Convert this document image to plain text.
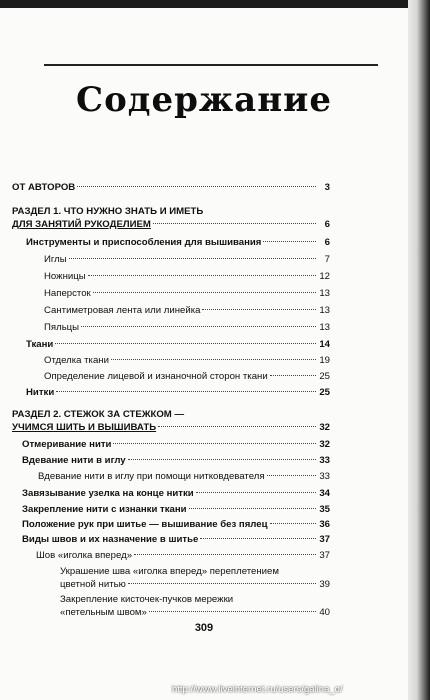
Содержание
ОТ АВТОРОВ	3
РАЗДЕЛ 1. ЧТО НУЖНО ЗНАТЬ И ИМЕТЬ
ДЛЯ ЗАНЯТИЙ РУКОДЕЛИЕМ	6
Инструменты и приспособления для вышивания	6
Иглы	7
Ножницы	12
Наперсток	13
Сантиметровая лента или линейка	13
Пяльцы	13
Ткани	14
Отделка ткани	19
Определение лицевой и изнаночной сторон ткани	25
Нитки	25
РАЗДЕЛ 2. СТЕЖОК ЗА СТЕЖКОМ —
УЧИМСЯ ШИТЬ И ВЫШИВАТЬ	32
Отмеривание нити	32
Вдевание нити в иглу	33
Вдевание нити в иглу при помощи нитковдевателя	33
Завязывание узелка на конце нитки	34
Закрепление нити с изнанки ткани	35
Положение рук при шитье — вышивание без пялец	36
Виды швов и их назначение в шитье	37
Шов «иголка вперед»	37
Украшение шва «иголка вперед» переплетением
цветной нитью	39
Закрепление кисточек-пучков мережки
«петельным швом»	40
309
http://www.liveinternet.ru/users/galina_o/
